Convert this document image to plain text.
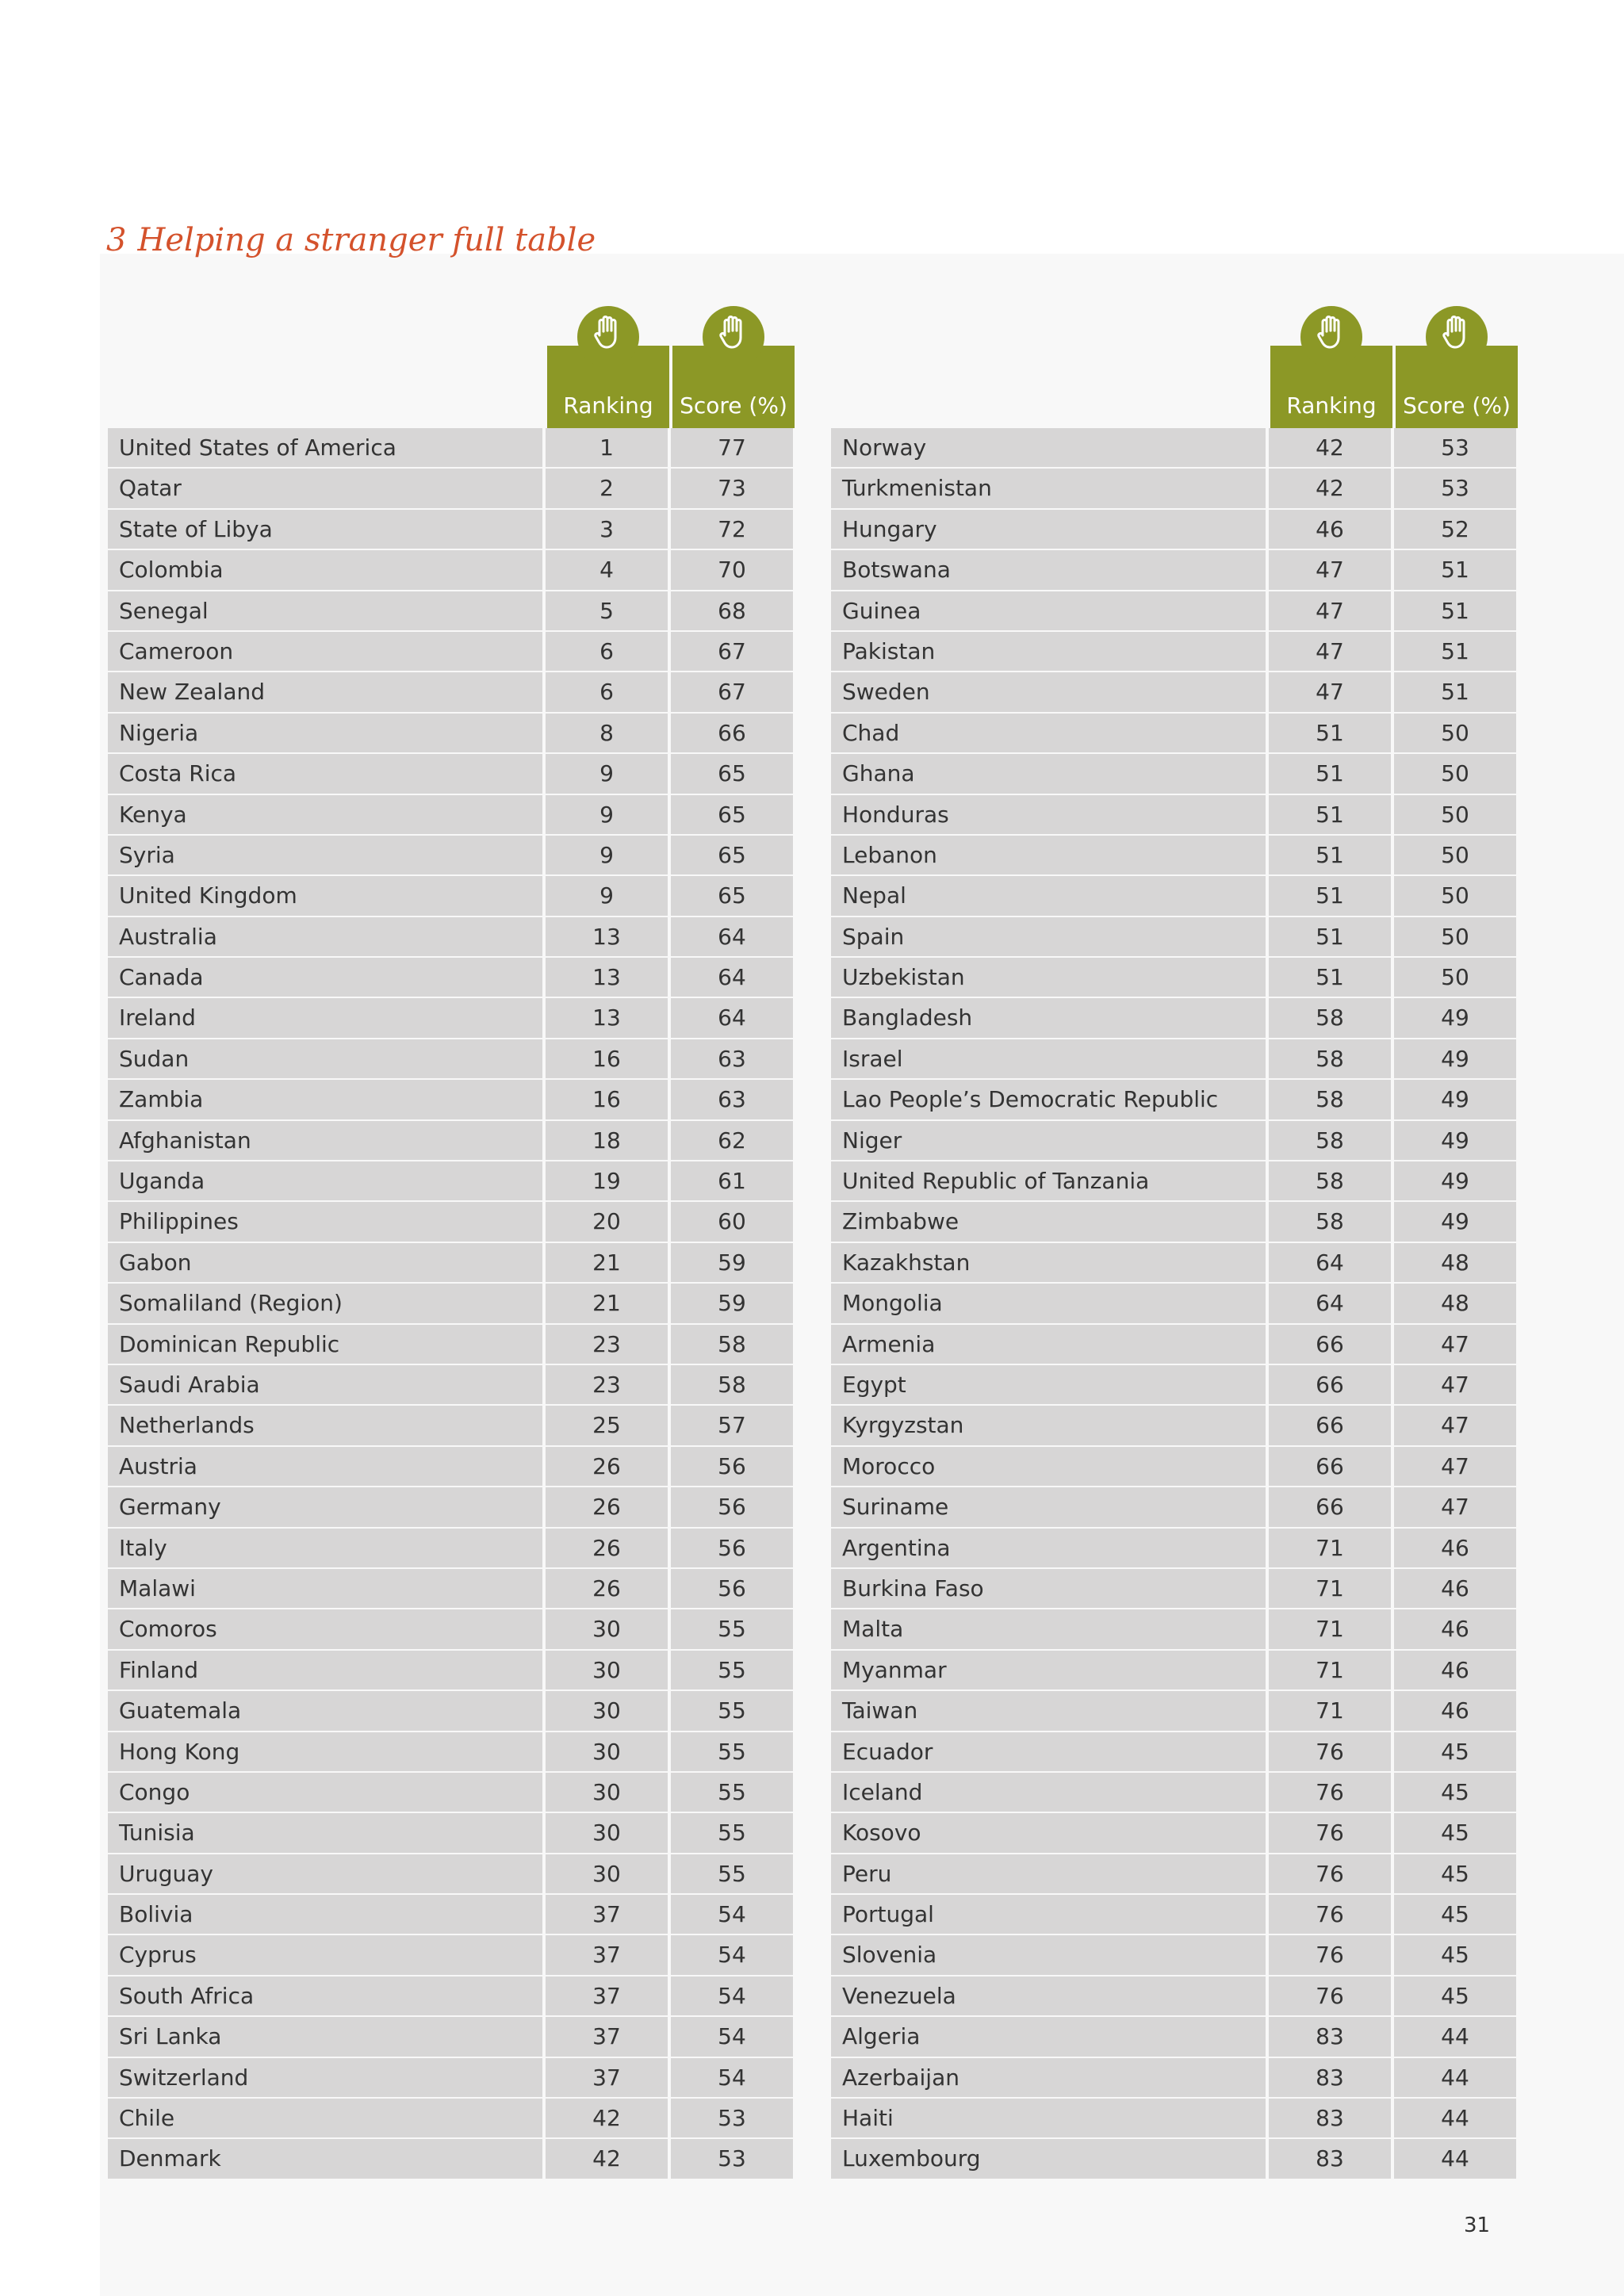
3 Helping a stranger full table
Ranking	Score (%)
United States of America	1	77
Qatar	2	73
State of Libya	3	72
Colombia	4	70
Senegal	5	68
Cameroon	6	67
New Zealand	6	67
Nigeria	8	66
Costa Rica	9	65
Kenya	9	65
Syria	9	65
United Kingdom	9	65
Australia	13	64
Canada	13	64
Ireland	13	64
Sudan	16	63
Zambia	16	63
Afghanistan	18	62
Uganda	19	61
Philippines	20	60
Gabon	21	59
Somaliland (Region)	21	59
Dominican Republic	23	58
Saudi Arabia	23	58
Netherlands	25	57
Austria	26	56
Germany	26	56
Italy	26	56
Malawi	26	56
Comoros	30	55
Finland	30	55
Guatemala	30	55
Hong Kong	30	55
Congo	30	55
Tunisia	30	55
Uruguay	30	55
Bolivia	37	54
Cyprus	37	54
South Africa	37	54
Sri Lanka	37	54
Switzerland	37	54
Chile	42	53
Denmark	42	53
Ranking	Score (%)
Norway	42	53
Turkmenistan	42	53
Hungary	46	52
Botswana	47	51
Guinea	47	51
Pakistan	47	51
Sweden	47	51
Chad	51	50
Ghana	51	50
Honduras	51	50
Lebanon	51	50
Nepal	51	50
Spain	51	50
Uzbekistan	51	50
Bangladesh	58	49
Israel	58	49
Lao People’s Democratic Republic	58	49
Niger	58	49
United Republic of Tanzania	58	49
Zimbabwe	58	49
Kazakhstan	64	48
Mongolia	64	48
Armenia	66	47
Egypt	66	47
Kyrgyzstan	66	47
Morocco	66	47
Suriname	66	47
Argentina	71	46
Burkina Faso	71	46
Malta	71	46
Myanmar	71	46
Taiwan	71	46
Ecuador	76	45
Iceland	76	45
Kosovo	76	45
Peru	76	45
Portugal	76	45
Slovenia	76	45
Venezuela	76	45
Algeria	83	44
Azerbaijan	83	44
Haiti	83	44
Luxembourg	83	44
31
